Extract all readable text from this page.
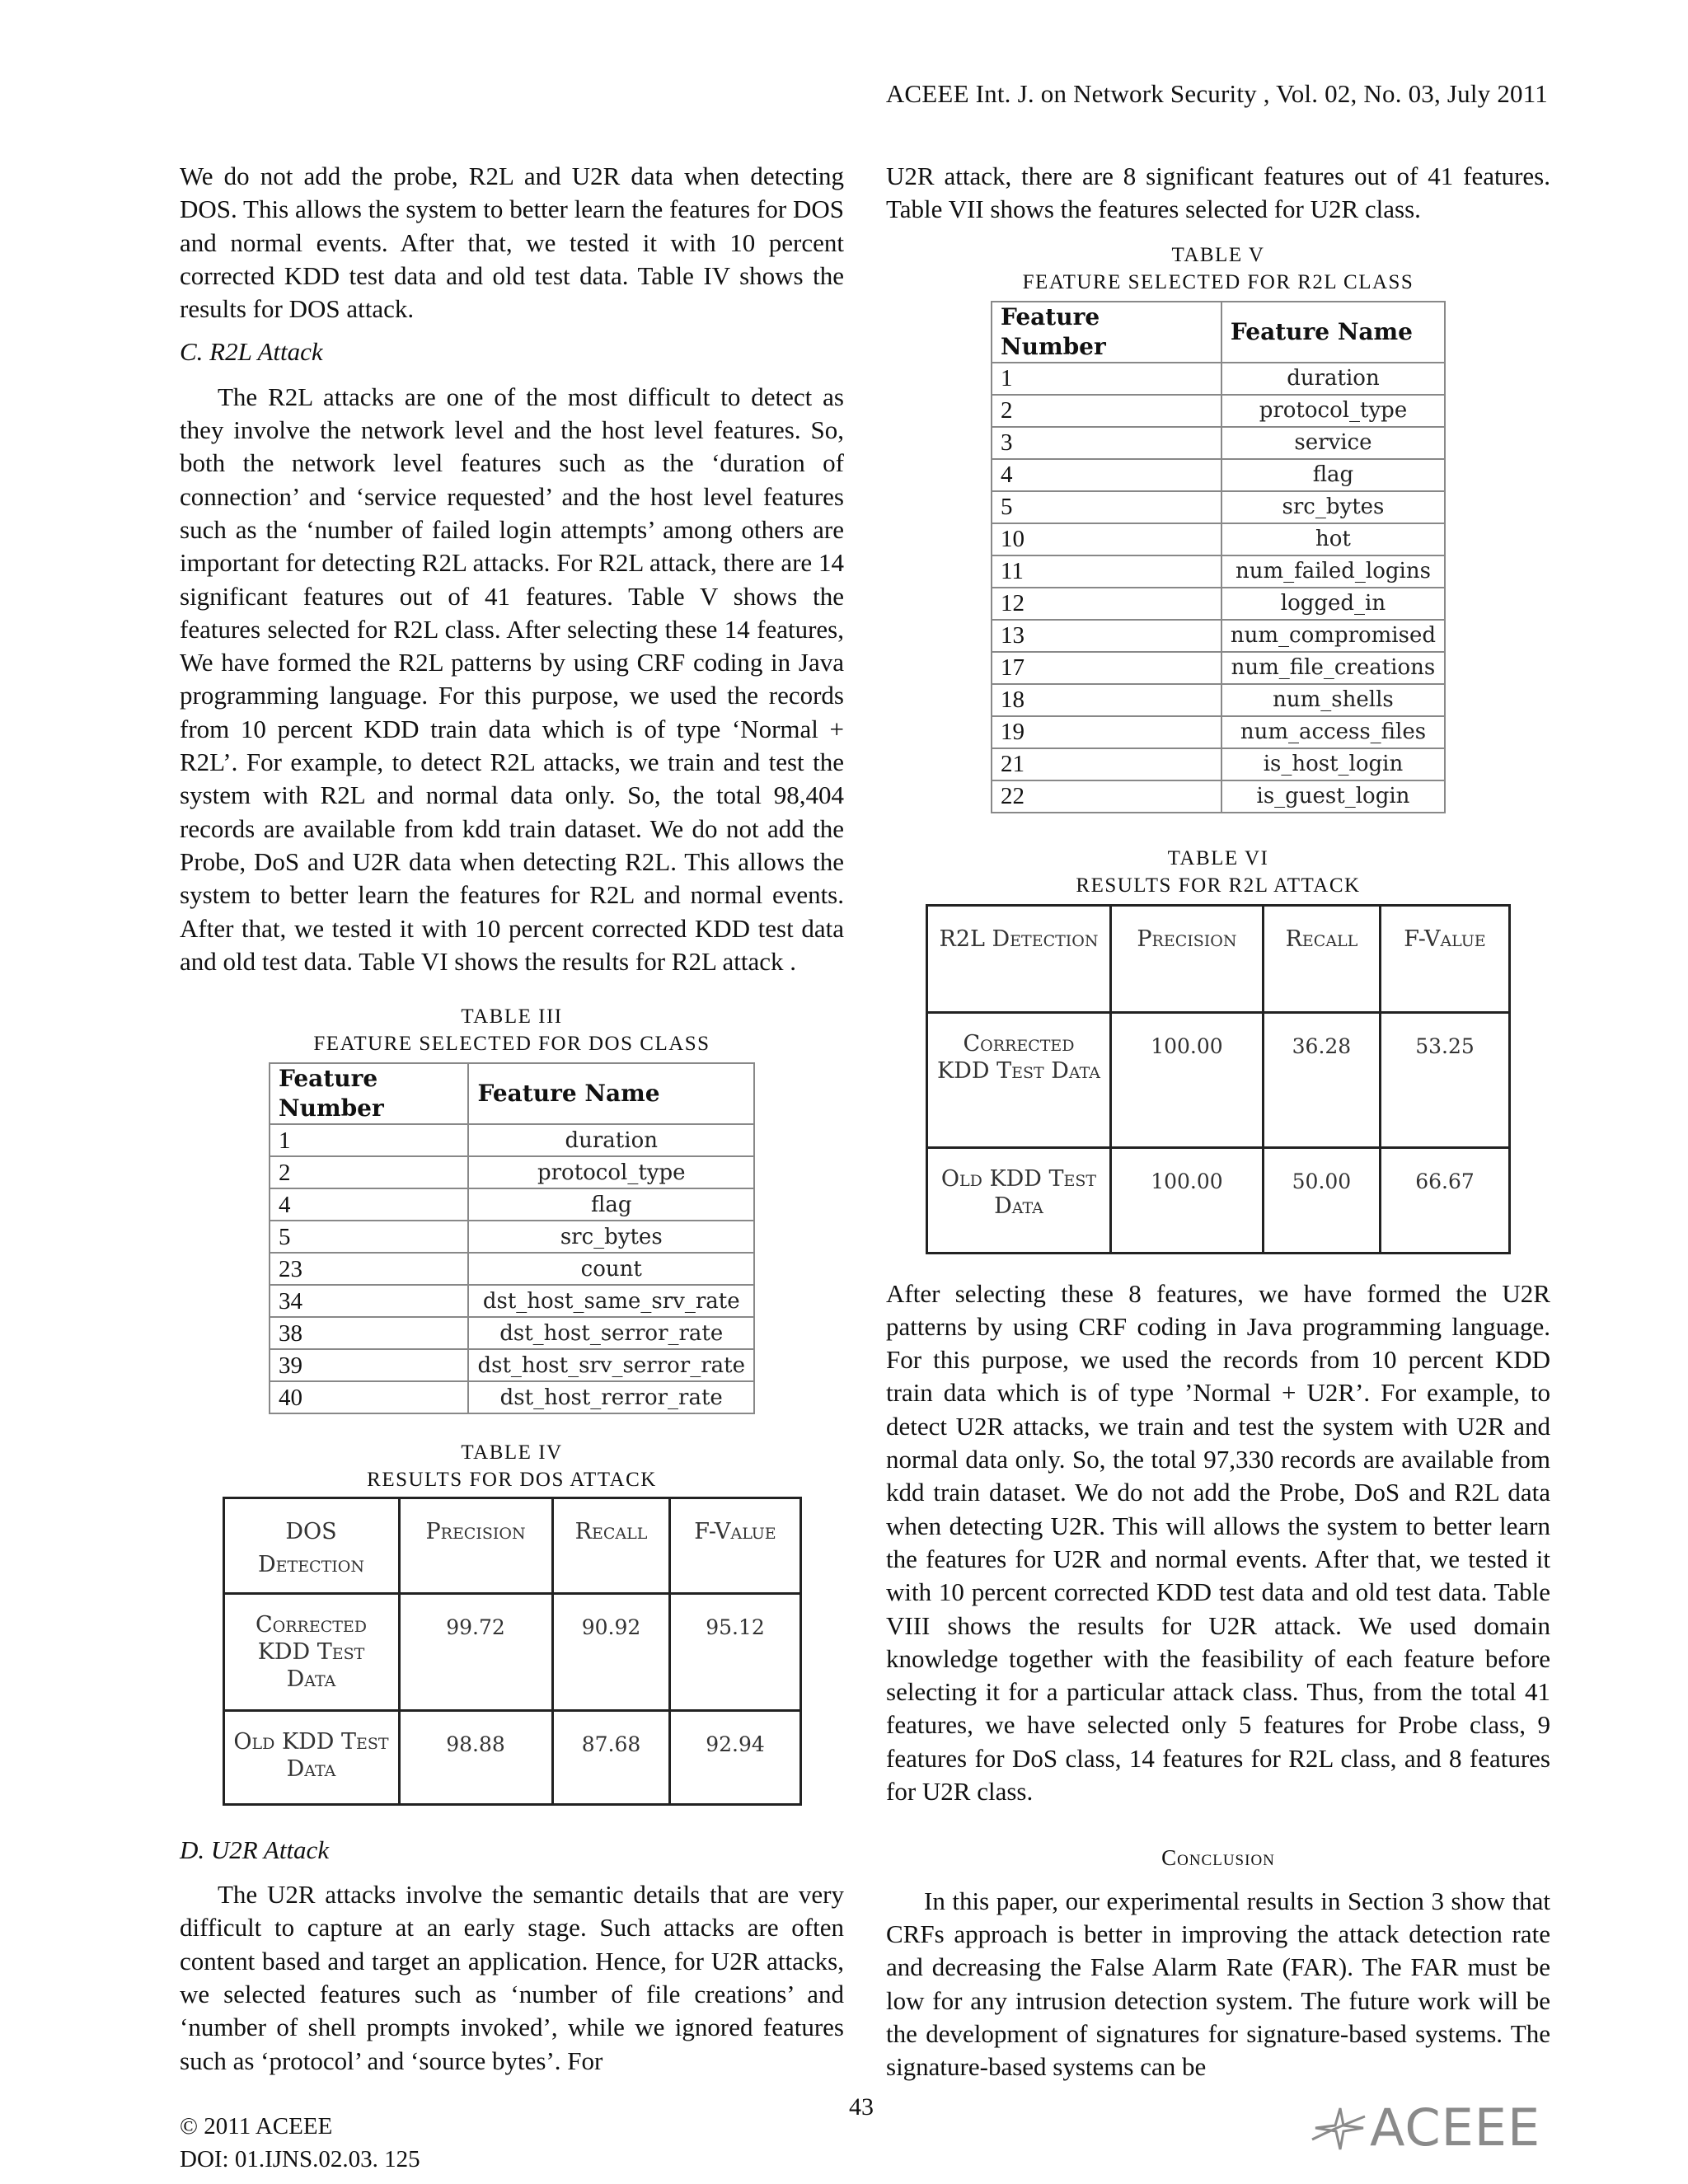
ACEEE Int. J. on Network Security , Vol. 02, No. 03, July 2011

We do not add the probe, R2L and U2R data when detecting DOS. This allows the system to better learn the features for DOS and normal events. After that, we tested it with 10 percent corrected KDD test data and old test data. Table IV shows the results for DOS attack.

C. R2L Attack

The R2L attacks are one of the most difficult to detect as they involve the network level and the host level features. So, both the network level features such as the ‘duration of connection’ and ‘service requested’ and the host level features such as the ‘number of failed login attempts’ among others are important for detecting R2L attacks. For R2L attack, there are 14 significant features out of 41 features. Table V shows the features selected for R2L class. After selecting these 14 features, We have formed the R2L patterns by using CRF coding in Java programming language. For this purpose, we used the records from 10 percent KDD train data which is of type ‘Normal + R2L’. For example, to detect R2L attacks, we train and test the system with R2L and normal data only. So, the total 98,404 records are available from kdd train dataset. We do not add the Probe, DoS and U2R data when detecting R2L. This allows the system to better learn the features for R2L and normal events. After that, we tested it with 10 percent corrected KDD test data and old test data. Table VI shows the results for R2L attack .

TABLE III

FEATURE SELECTED FOR DOS CLASS

Feature Number	Feature Name
1	duration
2	protocol_type
4	flag
5	src_bytes
23	count
34	dst_host_same_srv_rate
38	dst_host_serror_rate
39	dst_host_srv_serror_rate
40	dst_host_rerror_rate

TABLE IV

RESULTS FOR DOS ATTACK

DOS Detection	Precision	Recall	F-Value
Corrected KDD Test Data	99.72	90.92	95.12
Old KDD Test Data	98.88	87.68	92.94

D. U2R Attack

The U2R attacks involve the semantic details that are very difficult to capture at an early stage. Such attacks are often content based and target an application. Hence, for U2R attacks, we selected features such as ‘number of file creations’ and ‘number of shell prompts invoked’, while we ignored features such as ‘protocol’ and ‘source bytes’. For

U2R attack, there are 8 significant features out of 41 features. Table VII shows the features selected for U2R class.

TABLE V

FEATURE SELECTED FOR R2L CLASS

Feature Number	Feature Name
1	duration
2	protocol_type
3	service
4	flag
5	src_bytes
10	hot
11	num_failed_logins
12	logged_in
13	num_compromised
17	num_file_creations
18	num_shells
19	num_access_files
21	is_host_login
22	is_guest_login

TABLE VI

RESULTS FOR R2L ATTACK

R2L Detection	Precision	Recall	F-Value
Corrected KDD Test Data	100.00	36.28	53.25
Old KDD Test Data	100.00	50.00	66.67

After selecting these 8 features, we have formed the U2R patterns by using CRF coding in Java programming language. For this purpose, we used the records from 10 percent KDD train data which is of type ’Normal + U2R’. For example, to detect U2R attacks, we train and test the system with U2R and normal data only. So, the total 97,330 records are available from kdd train dataset. We do not add the Probe, DoS and R2L data when detecting U2R. This will allows the system to better learn the features for U2R and normal events. After that, we tested it with 10 percent corrected KDD test data and old test data. Table VIII shows the results for U2R attack. We used domain knowledge together with the feasibility of each feature before selecting it for a particular attack class. Thus, from the total 41 features, we have selected only 5 features for Probe class, 9 features for DoS class, 14 features for R2L class, and 8 features for U2R class.

Conclusion

In this paper, our experimental results in Section 3 show that CRFs approach is better in improving the attack detection rate and decreasing the False Alarm Rate (FAR). The FAR must be low for any intrusion detection system. The future work will be the development of signatures for signature-based systems. The signature-based systems can be

43
© 2011 ACEEE
DOI: 01.IJNS.02.03. 125
ACEEE
